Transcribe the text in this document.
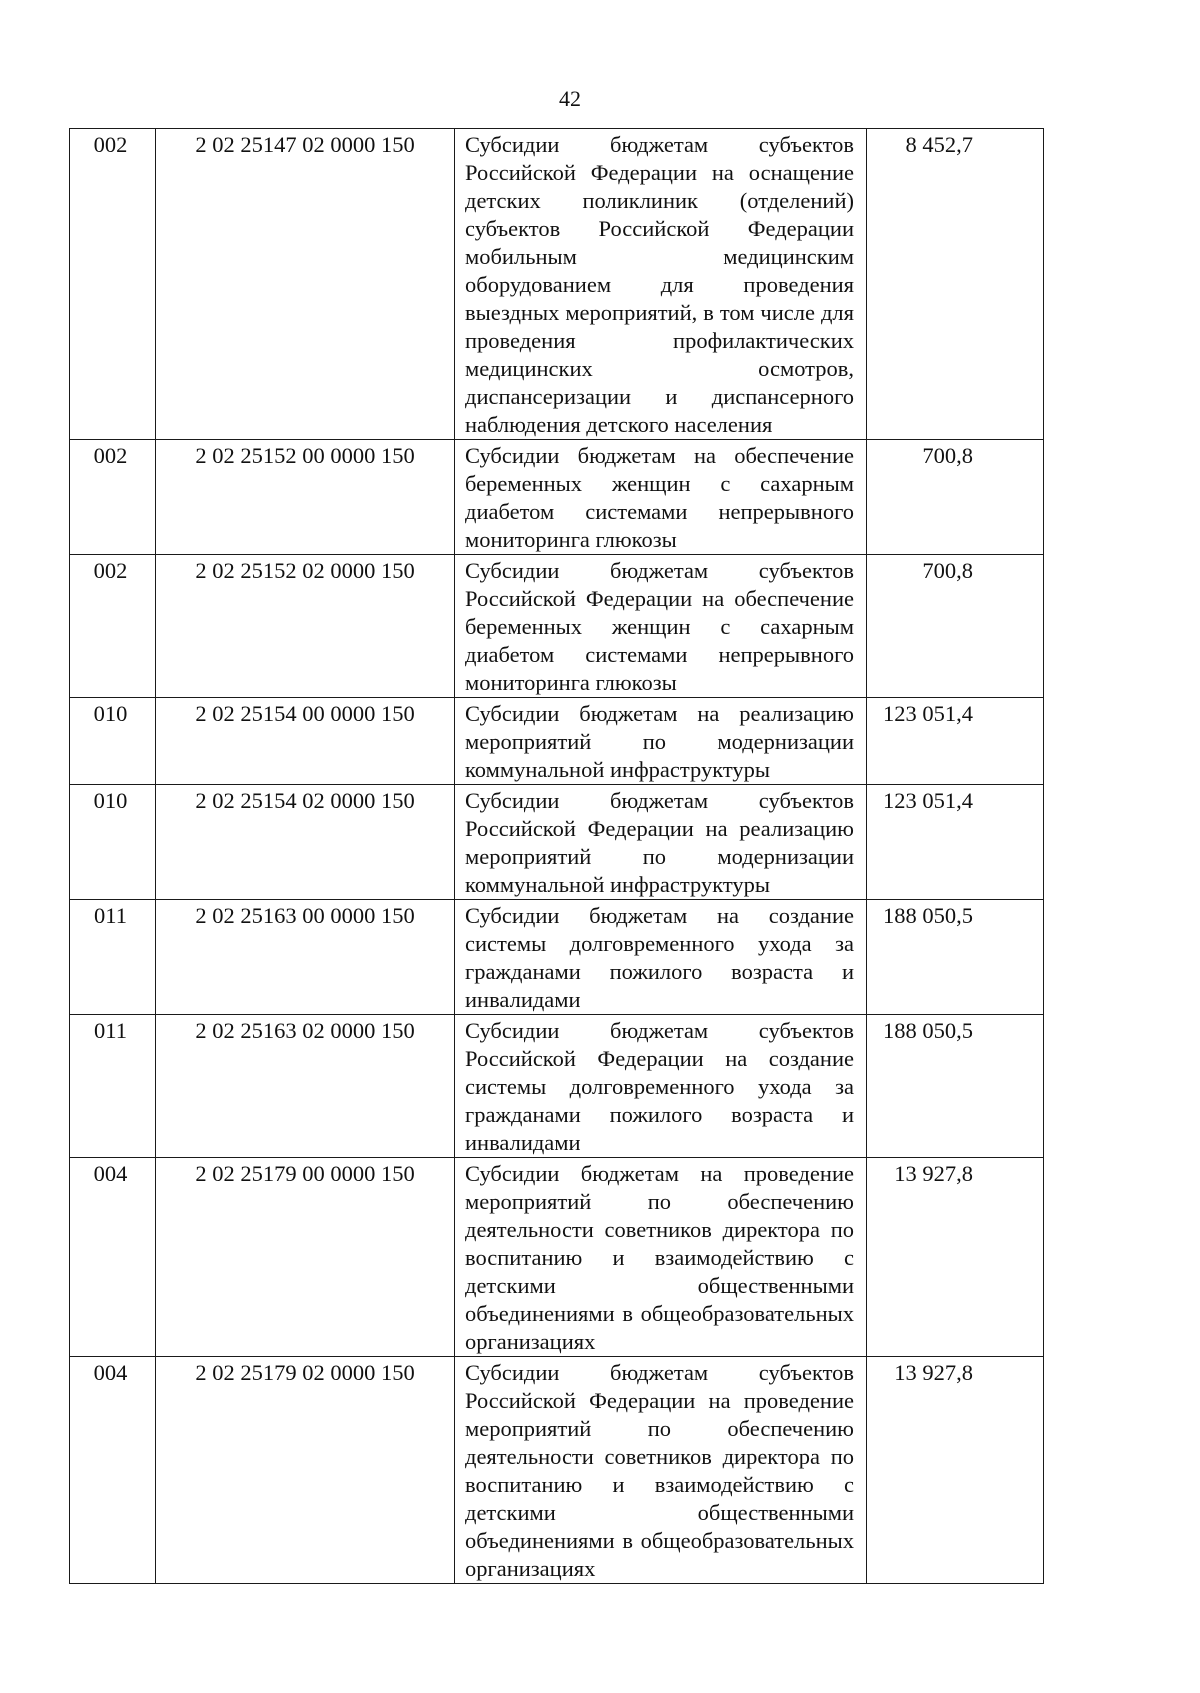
42
002	2 02 25147 02 0000 150	Субсидии бюджетам субъектов Российской Федерации на оснащение детских поликлиник (отделений) субъектов Российской Федерации мобильным медицинским оборудованием для проведения выездных мероприятий, в том числе для проведения профилактических медицинских осмотров, диспансеризации и диспансерного наблюдения детского населения	8 452,7

002	2 02 25152 00 0000 150	Субсидии бюджетам на обеспечение беременных женщин с сахарным диабетом системами непрерывного мониторинга глюкозы	700,8

002	2 02 25152 02 0000 150	Субсидии бюджетам субъектов Российской Федерации на обеспечение беременных женщин с сахарным диабетом системами непрерывного мониторинга глюкозы	700,8

010	2 02 25154 00 0000 150	Субсидии бюджетам на реализацию мероприятий по модернизации коммунальной инфраструктуры	123 051,4

010	2 02 25154 02 0000 150	Субсидии бюджетам субъектов Российской Федерации на реализацию мероприятий по модернизации коммунальной инфраструктуры	123 051,4

011	2 02 25163 00 0000 150	Субсидии бюджетам на создание системы долговременного ухода за гражданами пожилого возраста и инвалидами	188 050,5

011	2 02 25163 02 0000 150	Субсидии бюджетам субъектов Российской Федерации на создание системы долговременного ухода за гражданами пожилого возраста и инвалидами	188 050,5

004	2 02 25179 00 0000 150	Субсидии бюджетам на проведение мероприятий по обеспечению деятельности советников директора по воспитанию и взаимодействию с детскими общественными объединениями в общеобразовательных организациях	13 927,8

004	2 02 25179 02 0000 150	Субсидии бюджетам субъектов Российской Федерации на проведение мероприятий по обеспечению деятельности советников директора по воспитанию и взаимодействию с детскими общественными объединениями в общеобразовательных организациях	13 927,8
